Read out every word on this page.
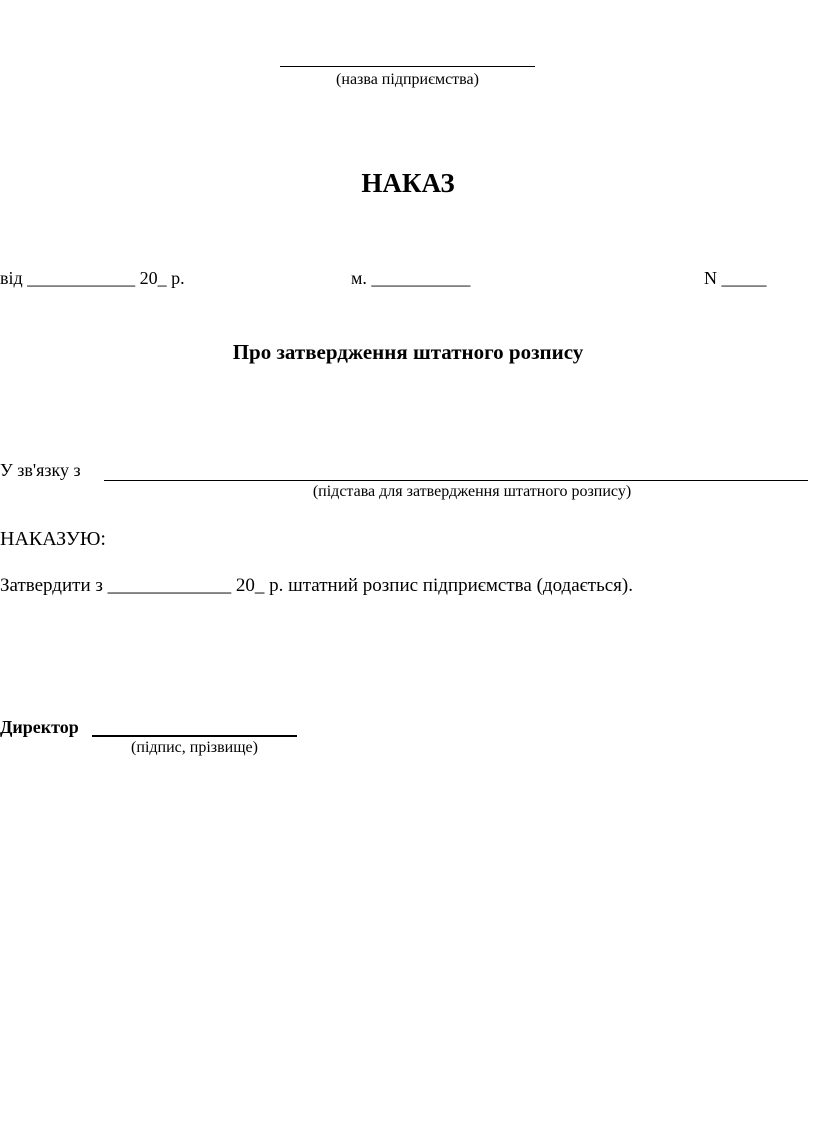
(назва підприємства)
НАКАЗ
від ____________ 20_ р.	м. ___________	N _____
Про затвердження штатного розпису
У зв'язку з
(підстава для затвердження штатного розпису)
НАКАЗУЮ:
Затвердити з _____________ 20_ р. штатний розпис підприємства (додається).
Директор
(підпис, прізвище)
